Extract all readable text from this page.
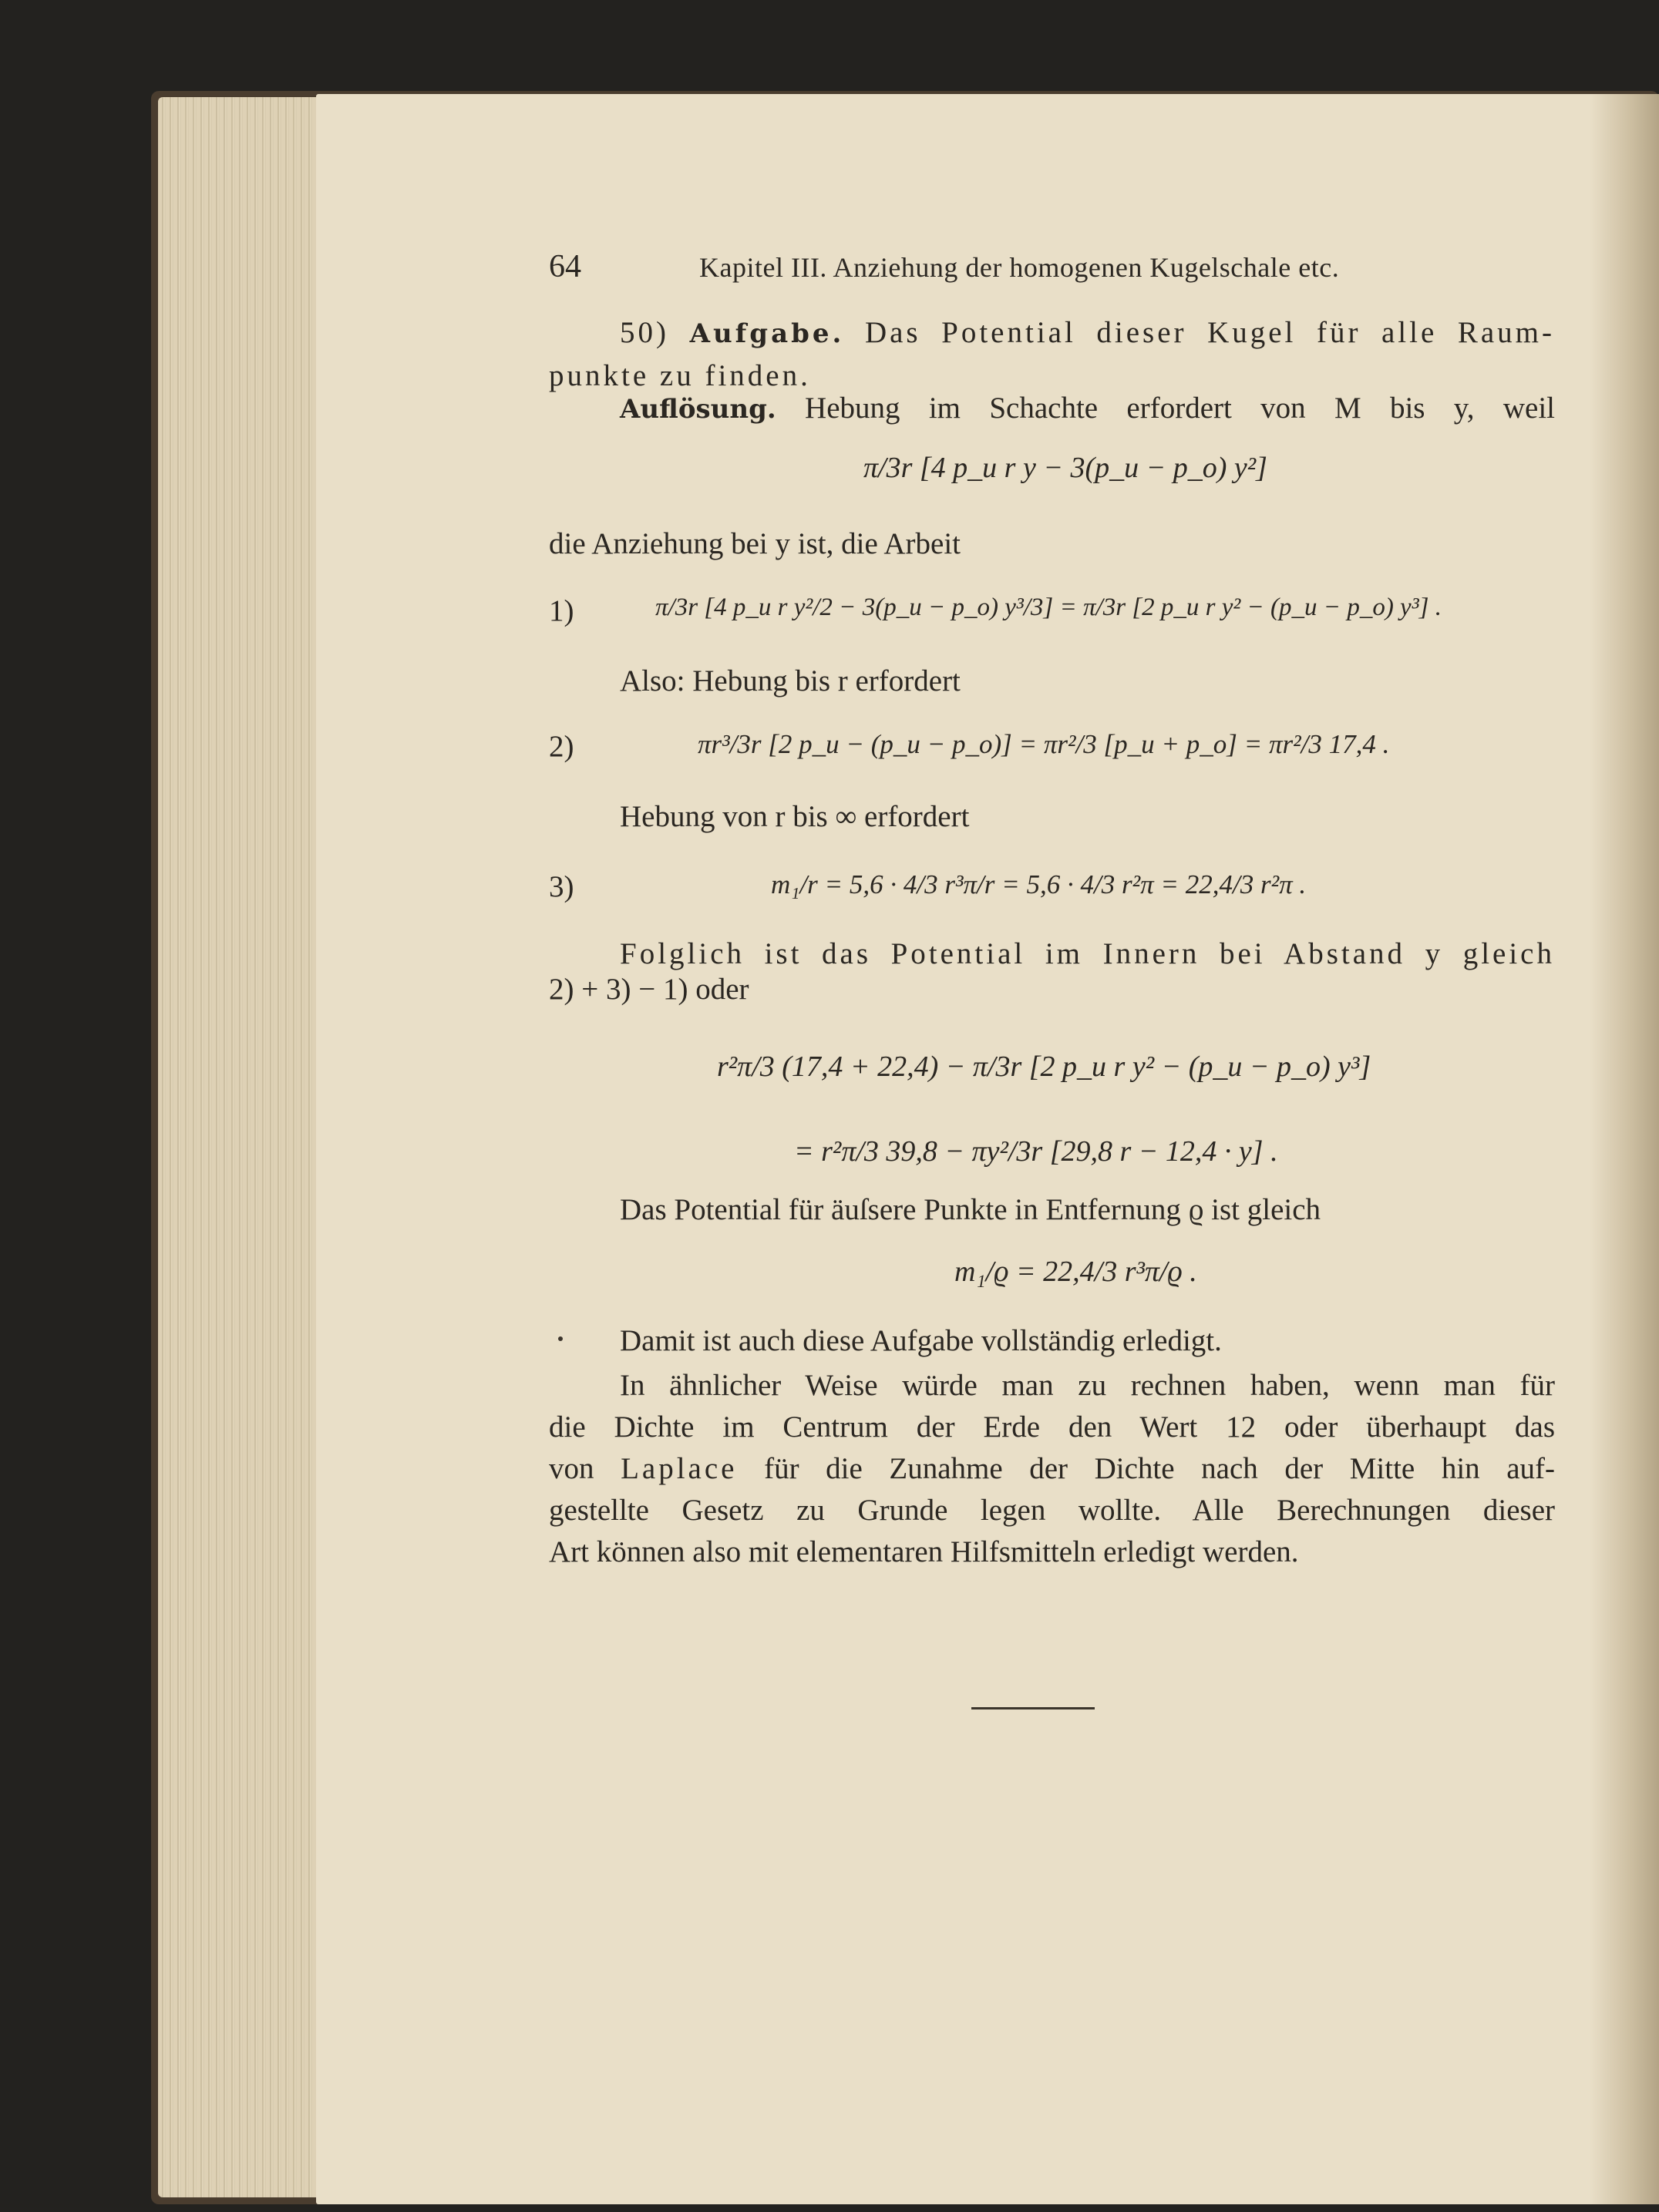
64	Kapitel III. Anziehung der homogenen Kugelschale etc.
50) Aufgabe. Das Potential dieser Kugel für alle Raum-
punkte zu finden.
Auflösung. Hebung im Schachte erfordert von M bis y, weil
π/3r [4 p_u r y − 3(p_u − p_o) y²]
die Anziehung bei y ist, die Arbeit
1)	π/3r [4 p_u r y²/2 − 3(p_u − p_o) y³/3] = π/3r [2 p_u r y² − (p_u − p_o) y³] .
Also: Hebung bis r erfordert
2)	πr³/3r [2 p_u − (p_u − p_o)] = πr²/3 [p_u + p_o] = πr²/3 17,4 .
Hebung von r bis ∞ erfordert
3)	m₁/r = 5,6 · 4/3 r³π/r = 5,6 · 4/3 r²π = 22,4/3 r²π .
Folglich ist das Potential im Innern bei Abstand y gleich
2) + 3) − 1) oder
r²π/3 (17,4 + 22,4) − π/3r [2 p_u r y² − (p_u − p_o) y³]
= r²π/3 39,8 − πy²/3r [29,8 r − 12,4 · y] .
Das Potential für äuſsere Punkte in Entfernung ϱ ist gleich
m₁/ϱ = 22,4/3 r³π/ϱ .
Damit ist auch diese Aufgabe vollständig erledigt.
In ähnlicher Weise würde man zu rechnen haben, wenn man für
die Dichte im Centrum der Erde den Wert 12 oder überhaupt das
von Laplace für die Zunahme der Dichte nach der Mitte hin auf-
gestellte Gesetz zu Grunde legen wollte. Alle Berechnungen dieser
Art können also mit elementaren Hilfsmitteln erledigt werden.
